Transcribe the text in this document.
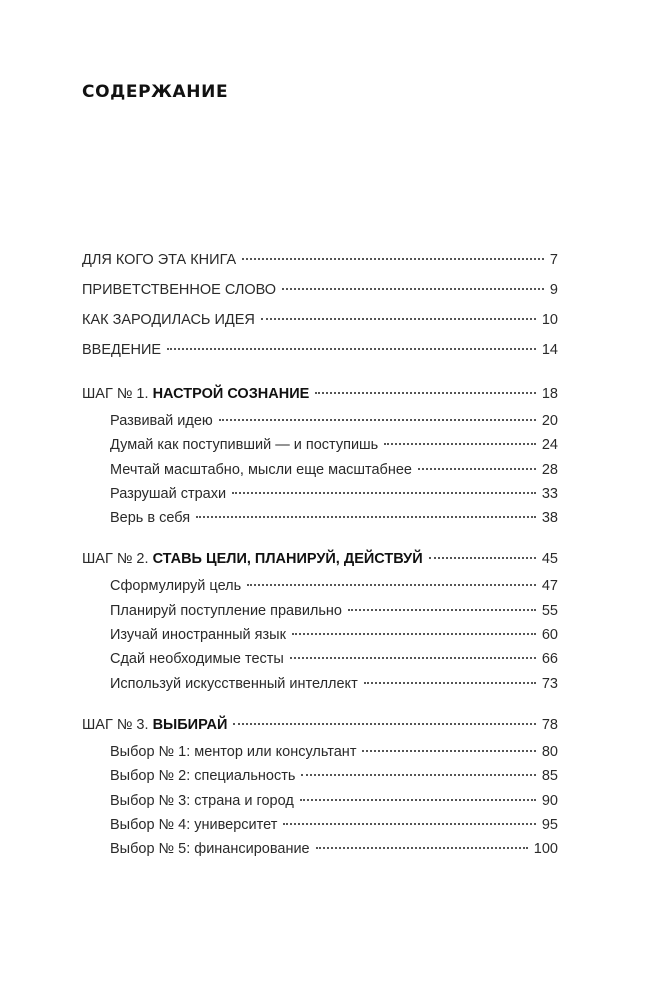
СОДЕРЖАНИЕ
ДЛЯ КОГО ЭТА КНИГА	7
ПРИВЕТСТВЕННОЕ СЛОВО	9
КАК ЗАРОДИЛАСЬ ИДЕЯ	10
ВВЕДЕНИЕ	14
ШАГ № 1. НАСТРОЙ СОЗНАНИЕ	18
Развивай идею	20
Думай как поступивший — и поступишь	24
Мечтай масштабно, мысли еще масштабнее	28
Разрушай страхи	33
Верь в себя	38
ШАГ № 2. СТАВЬ ЦЕЛИ, ПЛАНИРУЙ, ДЕЙСТВУЙ	45
Сформулируй цель	47
Планируй поступление правильно	55
Изучай иностранный язык	60
Сдай необходимые тесты	66
Используй искусственный интеллект	73
ШАГ № 3. ВЫБИРАЙ	78
Выбор № 1: ментор или консультант	80
Выбор № 2: специальность	85
Выбор № 3: страна и город	90
Выбор № 4: университет	95
Выбор № 5: финансирование	100
